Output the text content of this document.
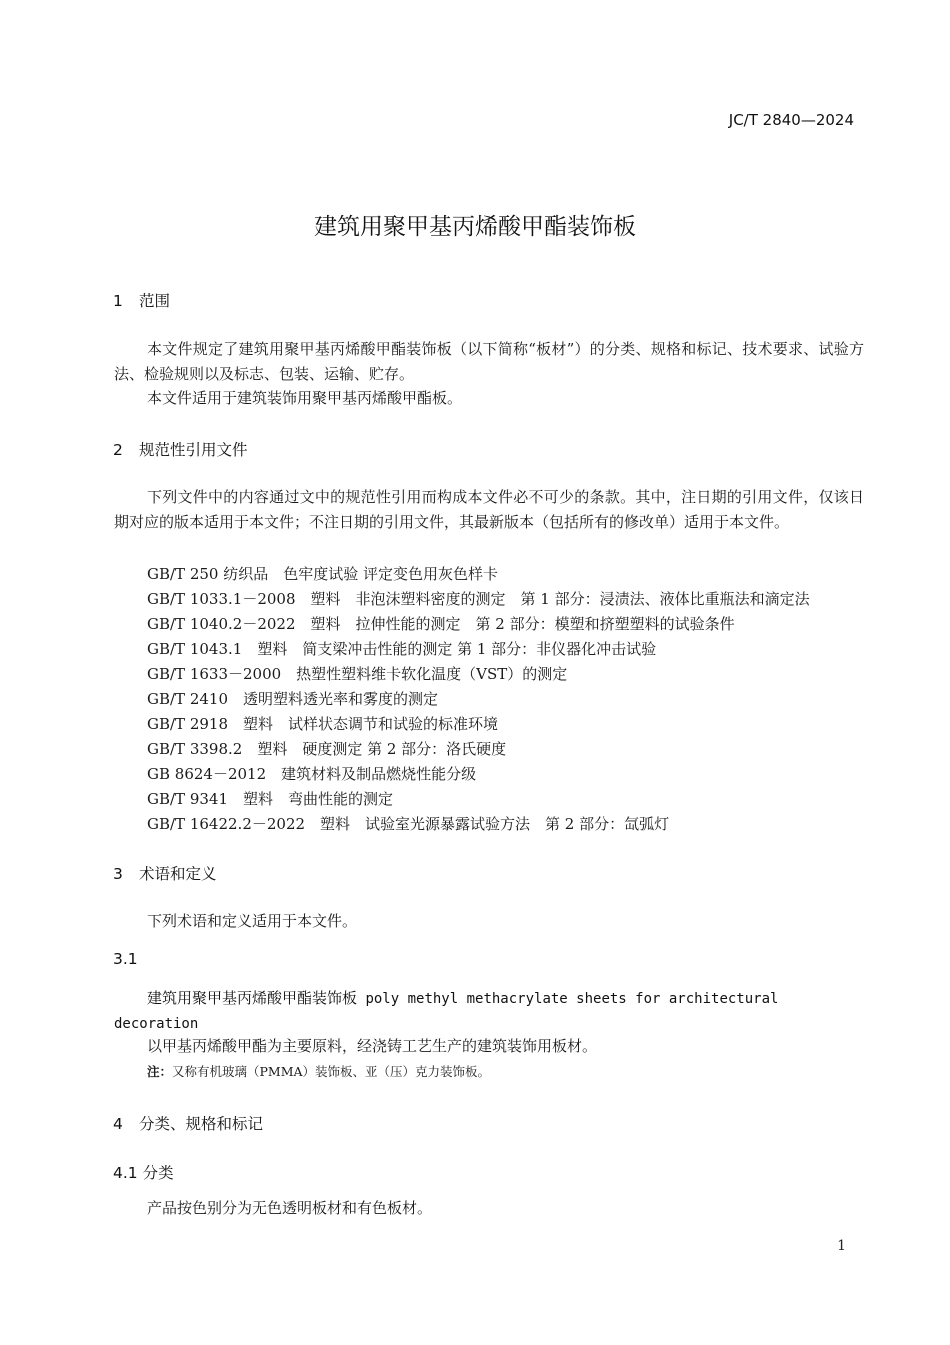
JC/T 2840—2024
建筑用聚甲基丙烯酸甲酯装饰板
1 范围

本文件规定了建筑用聚甲基丙烯酸甲酯装饰板（以下简称“板材”）的分类、规格和标记、技术要求、试验方法、检验规则以及标志、包装、运输、贮存。

本文件适用于建筑装饰用聚甲基丙烯酸甲酯板。
2 规范性引用文件

下列文件中的内容通过文中的规范性引用而构成本文件必不可少的条款。其中，注日期的引用文件，仅该日期对应的版本适用于本文件；不注日期的引用文件，其最新版本（包括所有的修改单）适用于本文件。

GB/T 250 纺织品　色牢度试验 评定变色用灰色样卡
GB/T 1033.1－2008　塑料　非泡沫塑料密度的测定　第 1 部分：浸渍法、液体比重瓶法和滴定法
GB/T 1040.2－2022　塑料　拉伸性能的测定　第 2 部分：模塑和挤塑塑料的试验条件
GB/T 1043.1　塑料　简支梁冲击性能的测定 第 1 部分：非仪器化冲击试验
GB/T 1633－2000　热塑性塑料维卡软化温度（VST）的测定
GB/T 2410　透明塑料透光率和雾度的测定
GB/T 2918　塑料　试样状态调节和试验的标准环境
GB/T 3398.2　塑料　硬度测定 第 2 部分：洛氏硬度
GB 8624－2012　建筑材料及制品燃烧性能分级
GB/T 9341　塑料　弯曲性能的测定
GB/T 16422.2－2022　塑料　试验室光源暴露试验方法　第 2 部分：氙弧灯
3 术语和定义
下列术语和定义适用于本文件。
3.1

建筑用聚甲基丙烯酸甲酯装饰板 poly methyl methacrylate sheets for architectural decoration

以甲基丙烯酸甲酯为主要原料，经浇铸工艺生产的建筑装饰用板材。
注：又称有机玻璃（PMMA）装饰板、亚（压）克力装饰板。
4 分类、规格和标记
4.1 分类
产品按色别分为无色透明板材和有色板材。
1
